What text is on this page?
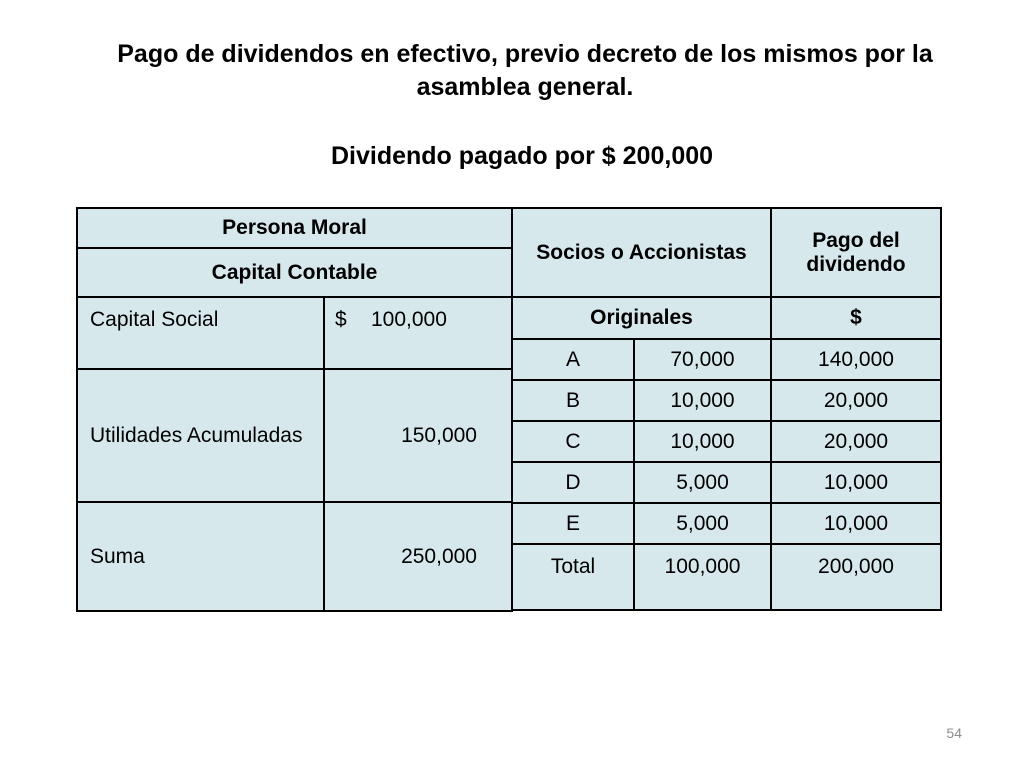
Pago de dividendos en efectivo, previo decreto de los mismos por la asamblea general.
Dividendo pagado por $ 200,000
Persona Moral	
Capital Contable	
Capital Social	$ 100,000
Utilidades Acumuladas	150,000
Suma	250,000
Socios o Accionistas		Pago del dividendo
Originales		$
A	70,000	140,000
B	10,000	20,000
C	10,000	20,000
D	5,000	10,000
E	5,000	10,000
Total	100,000	200,000
54
